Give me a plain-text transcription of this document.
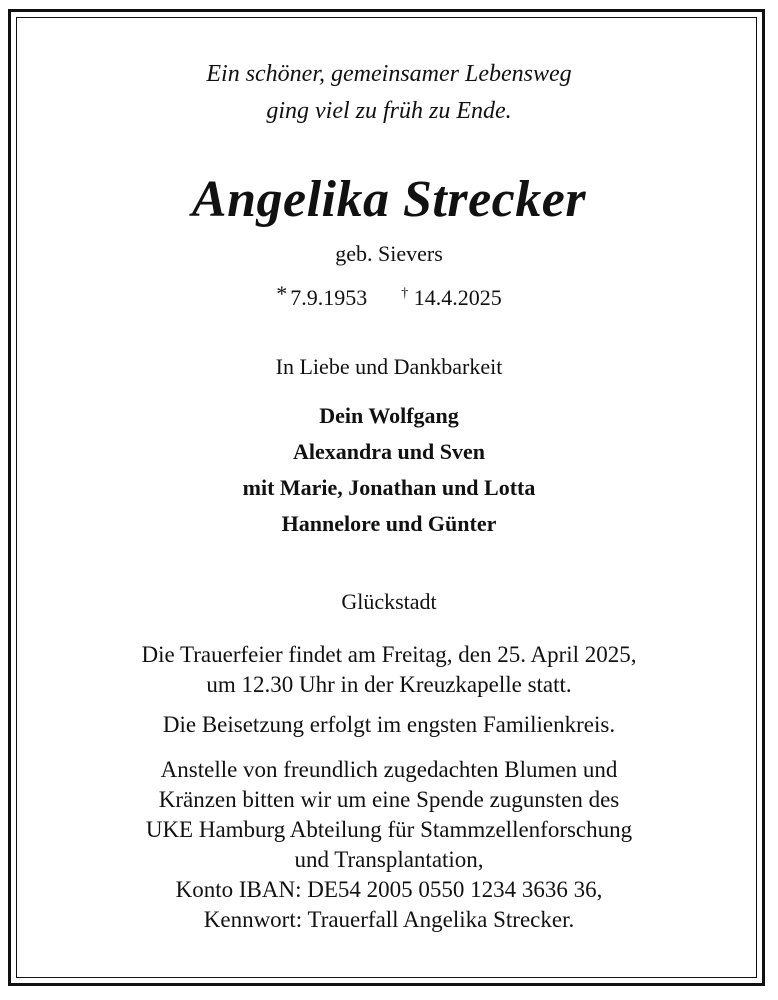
Ein schöner, gemeinsamer Lebensweg
ging viel zu früh zu Ende.
Angelika Strecker
geb. Sievers
* 7.9.1953 † 14.4.2025
In Liebe und Dankbarkeit
Dein Wolfgang
Alexandra und Sven
mit Marie, Jonathan und Lotta
Hannelore und Günter
Glückstadt
Die Trauerfeier findet am Freitag, den 25. April 2025,
um 12.30 Uhr in der Kreuzkapelle statt.
Die Beisetzung erfolgt im engsten Familienkreis.
Anstelle von freundlich zugedachten Blumen und
Kränzen bitten wir um eine Spende zugunsten des
UKE Hamburg Abteilung für Stammzellenforschung
und Transplantation,
Konto IBAN: DE54 2005 0550 1234 3636 36,
Kennwort: Trauerfall Angelika Strecker.
